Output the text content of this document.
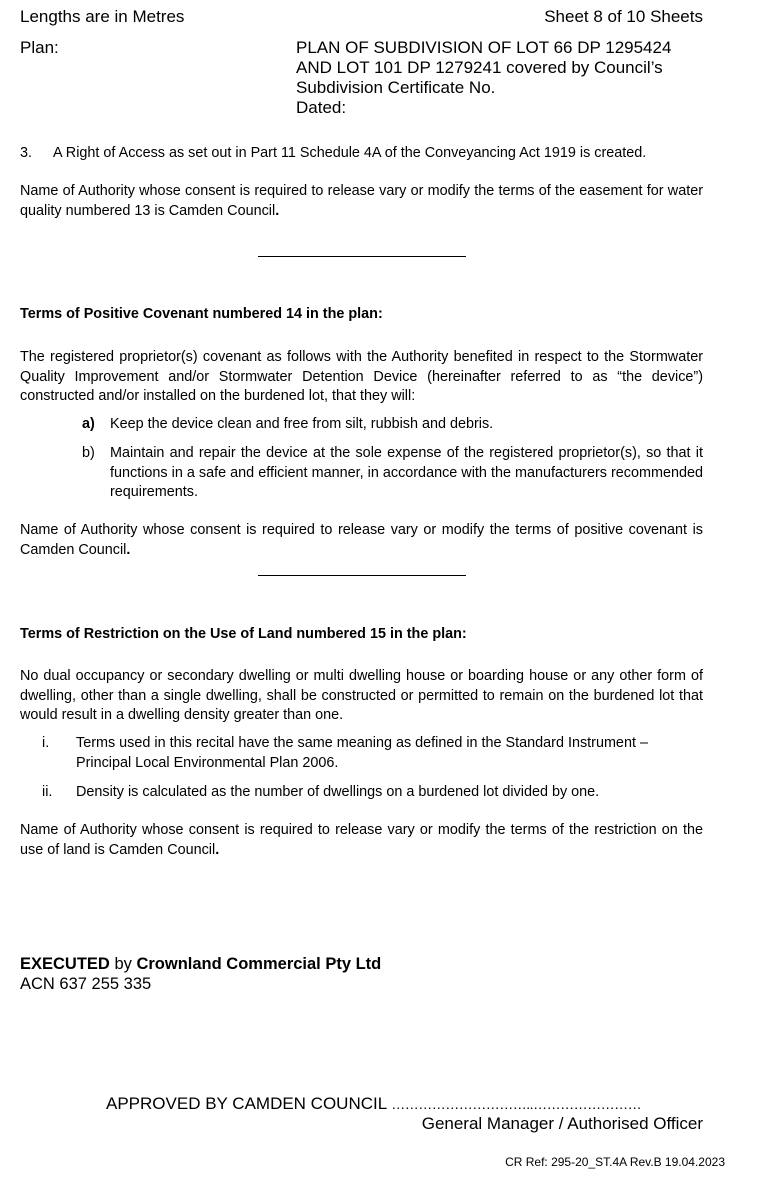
Lengths are in Metres	Sheet 8 of 10 Sheets
Plan:	PLAN OF SUBDIVISION OF LOT 66 DP 1295424
AND LOT 101 DP 1279241 covered by Council’s
Subdivision Certificate No.
Dated:
3. A Right of Access as set out in Part 11 Schedule 4A of the Conveyancing Act 1919 is created.
Name of Authority whose consent is required to release vary or modify the terms of the easement for water quality numbered 13 is Camden Council.
Terms of Positive Covenant numbered 14 in the plan:
The registered proprietor(s) covenant as follows with the Authority benefited in respect to the Stormwater Quality Improvement and/or Stormwater Detention Device (hereinafter referred to as “the device”) constructed and/or installed on the burdened lot, that they will:
a) Keep the device clean and free from silt, rubbish and debris.
b) Maintain and repair the device at the sole expense of the registered proprietor(s), so that it functions in a safe and efficient manner, in accordance with the manufacturers recommended requirements.
Name of Authority whose consent is required to release vary or modify the terms of positive covenant is Camden Council.
Terms of Restriction on the Use of Land numbered 15 in the plan:
No dual occupancy or secondary dwelling or multi dwelling house or boarding house or any other form of dwelling, other than a single dwelling, shall be constructed or permitted to remain on the burdened lot that would result in a dwelling density greater than one.
i. Terms used in this recital have the same meaning as defined in the Standard Instrument –
Principal Local Environmental Plan 2006.
ii. Density is calculated as the number of dwellings on a burdened lot divided by one.
Name of Authority whose consent is required to release vary or modify the terms of the restriction on the use of land is Camden Council.
EXECUTED by Crownland Commercial Pty Ltd
ACN 637 255 335
APPROVED BY CAMDEN COUNCIL …………………………..……………………
General Manager / Authorised Officer
CR Ref: 295-20_ST.4A Rev.B 19.04.2023
